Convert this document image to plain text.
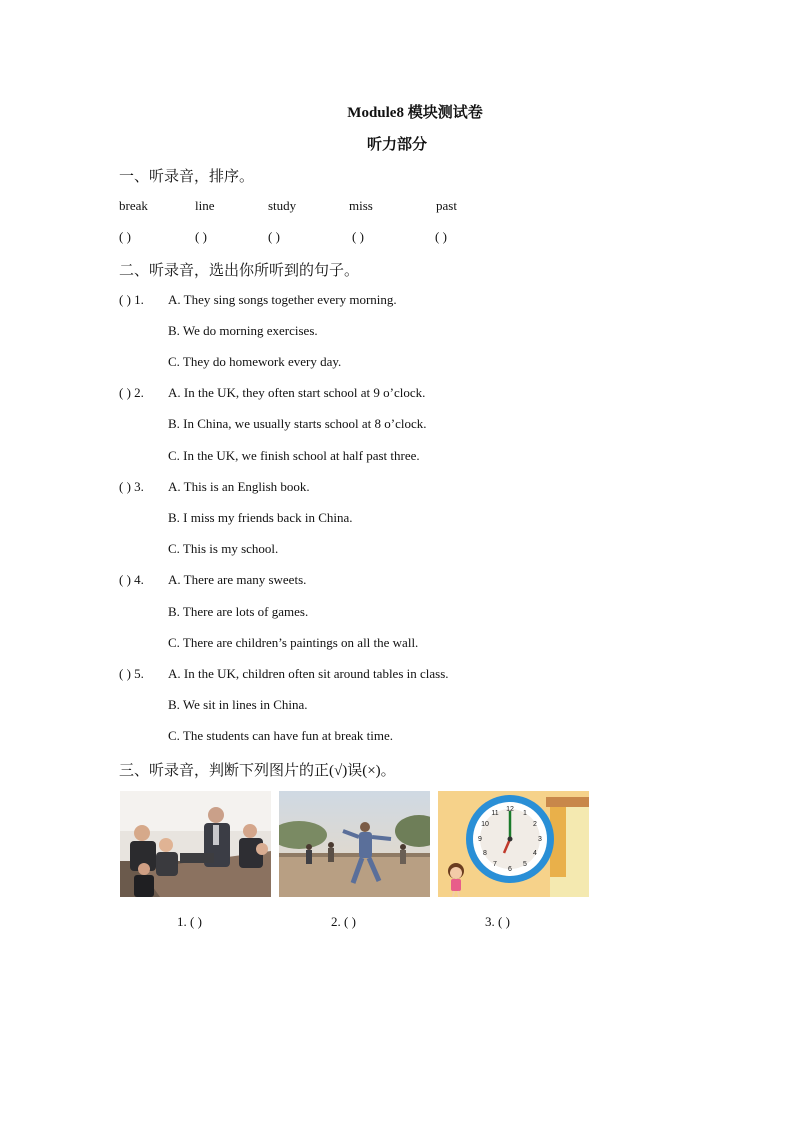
Module8 模块测试卷
听力部分
一、听录音，排序。
break	line	study	miss	past
( )	( )	( )	( )	( )
二、听录音，选出你所听到的句子。
( ) 1. A. They sing songs together every morning.
B. We do morning exercises.
C. They do homework every day.
( ) 2. A. In the UK, they often start school at 9 o’clock.
B. In China, we usually starts school at 8 o’clock.
C. In the UK, we finish school at half past three.
( ) 3. A. This is an English book.
B. I miss my friends back in China.
C. This is my school.
( ) 4. A. There are many sweets.
B. There are lots of games.
C. There are children’s paintings on all the wall.
( ) 5. A. In the UK, children often sit around tables in class.
B. We sit in lines in China.
C. The students can have fun at break time.
三、听录音，判断下列图片的正(√)误(×)。
12
1
2
3
4
5
6
7
8
9
10
11
1. ( )	2. ( )	3. ( )
